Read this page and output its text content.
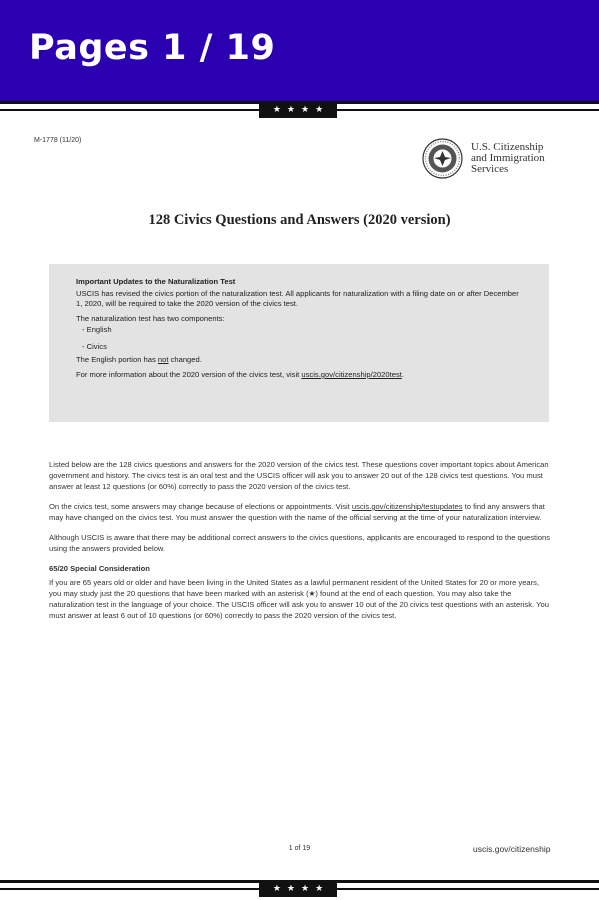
Pages 1 / 19
★★★★
M-1778 (11/20)
U.S. Citizenship
and Immigration
Services
128 Civics Questions and Answers (2020 version)
Important Updates to the Naturalization Test

USCIS has revised the civics portion of the naturalization test. All applicants for naturalization with a filing date on or after December 1, 2020, will be required to take the 2020 version of the civics test.

The naturalization test has two components:

- English
- Civics

The English portion has not changed.

For more information about the 2020 version of the civics test, visit uscis.gov/citizenship/2020test.

Listed below are the 128 civics questions and answers for the 2020 version of the civics test. These questions cover important topics about American government and history. The civics test is an oral test and the USCIS officer will ask you to answer 20 out of the 128 civics test questions. You must answer at least 12 questions (or 60%) correctly to pass the 2020 version of the civics test.

On the civics test, some answers may change because of elections or appointments. Visit uscis.gov/citizenship/testupdates to find any answers that may have changed on the civics test. You must answer the question with the name of the official serving at the time of your naturalization interview.

Although USCIS is aware that there may be additional correct answers to the civics questions, applicants are encouraged to respond to the questions using the answers provided below.

65/20 Special Consideration

If you are 65 years old or older and have been living in the United States as a lawful permanent resident of the United States for 20 or more years, you may study just the 20 questions that have been marked with an asterisk (★) found at the end of each question. You may also take the naturalization test in the language of your choice. The USCIS officer will ask you to answer 10 out of the 20 civics test questions with an asterisk. You must answer at least 6 out of 10 questions (or 60%) correctly to pass the 2020 version of the civics test.

1 of 19	uscis.gov/citizenship
★★★★
